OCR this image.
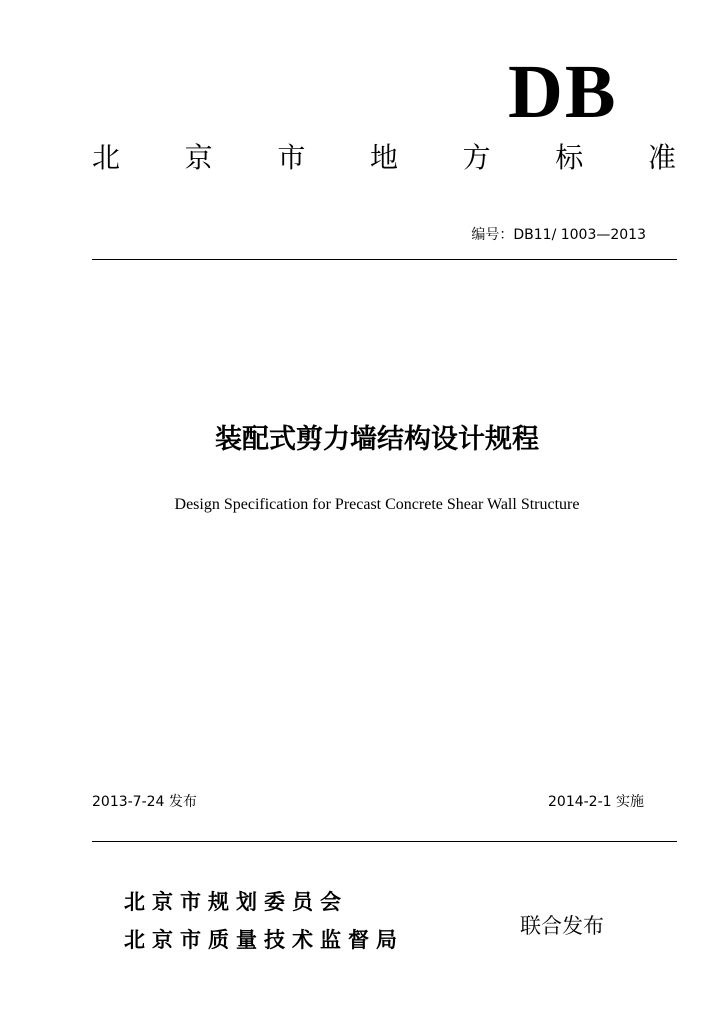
DB
北 京 市 地 方 标 准
编号：DB11/ 1003—2013
装配式剪力墙结构设计规程
Design Specification for Precast Concrete Shear Wall Structure
2013-7-24 发布	2014-2-1 实施
北京市规划委员会
北京市质量技术监督局
联合发布
